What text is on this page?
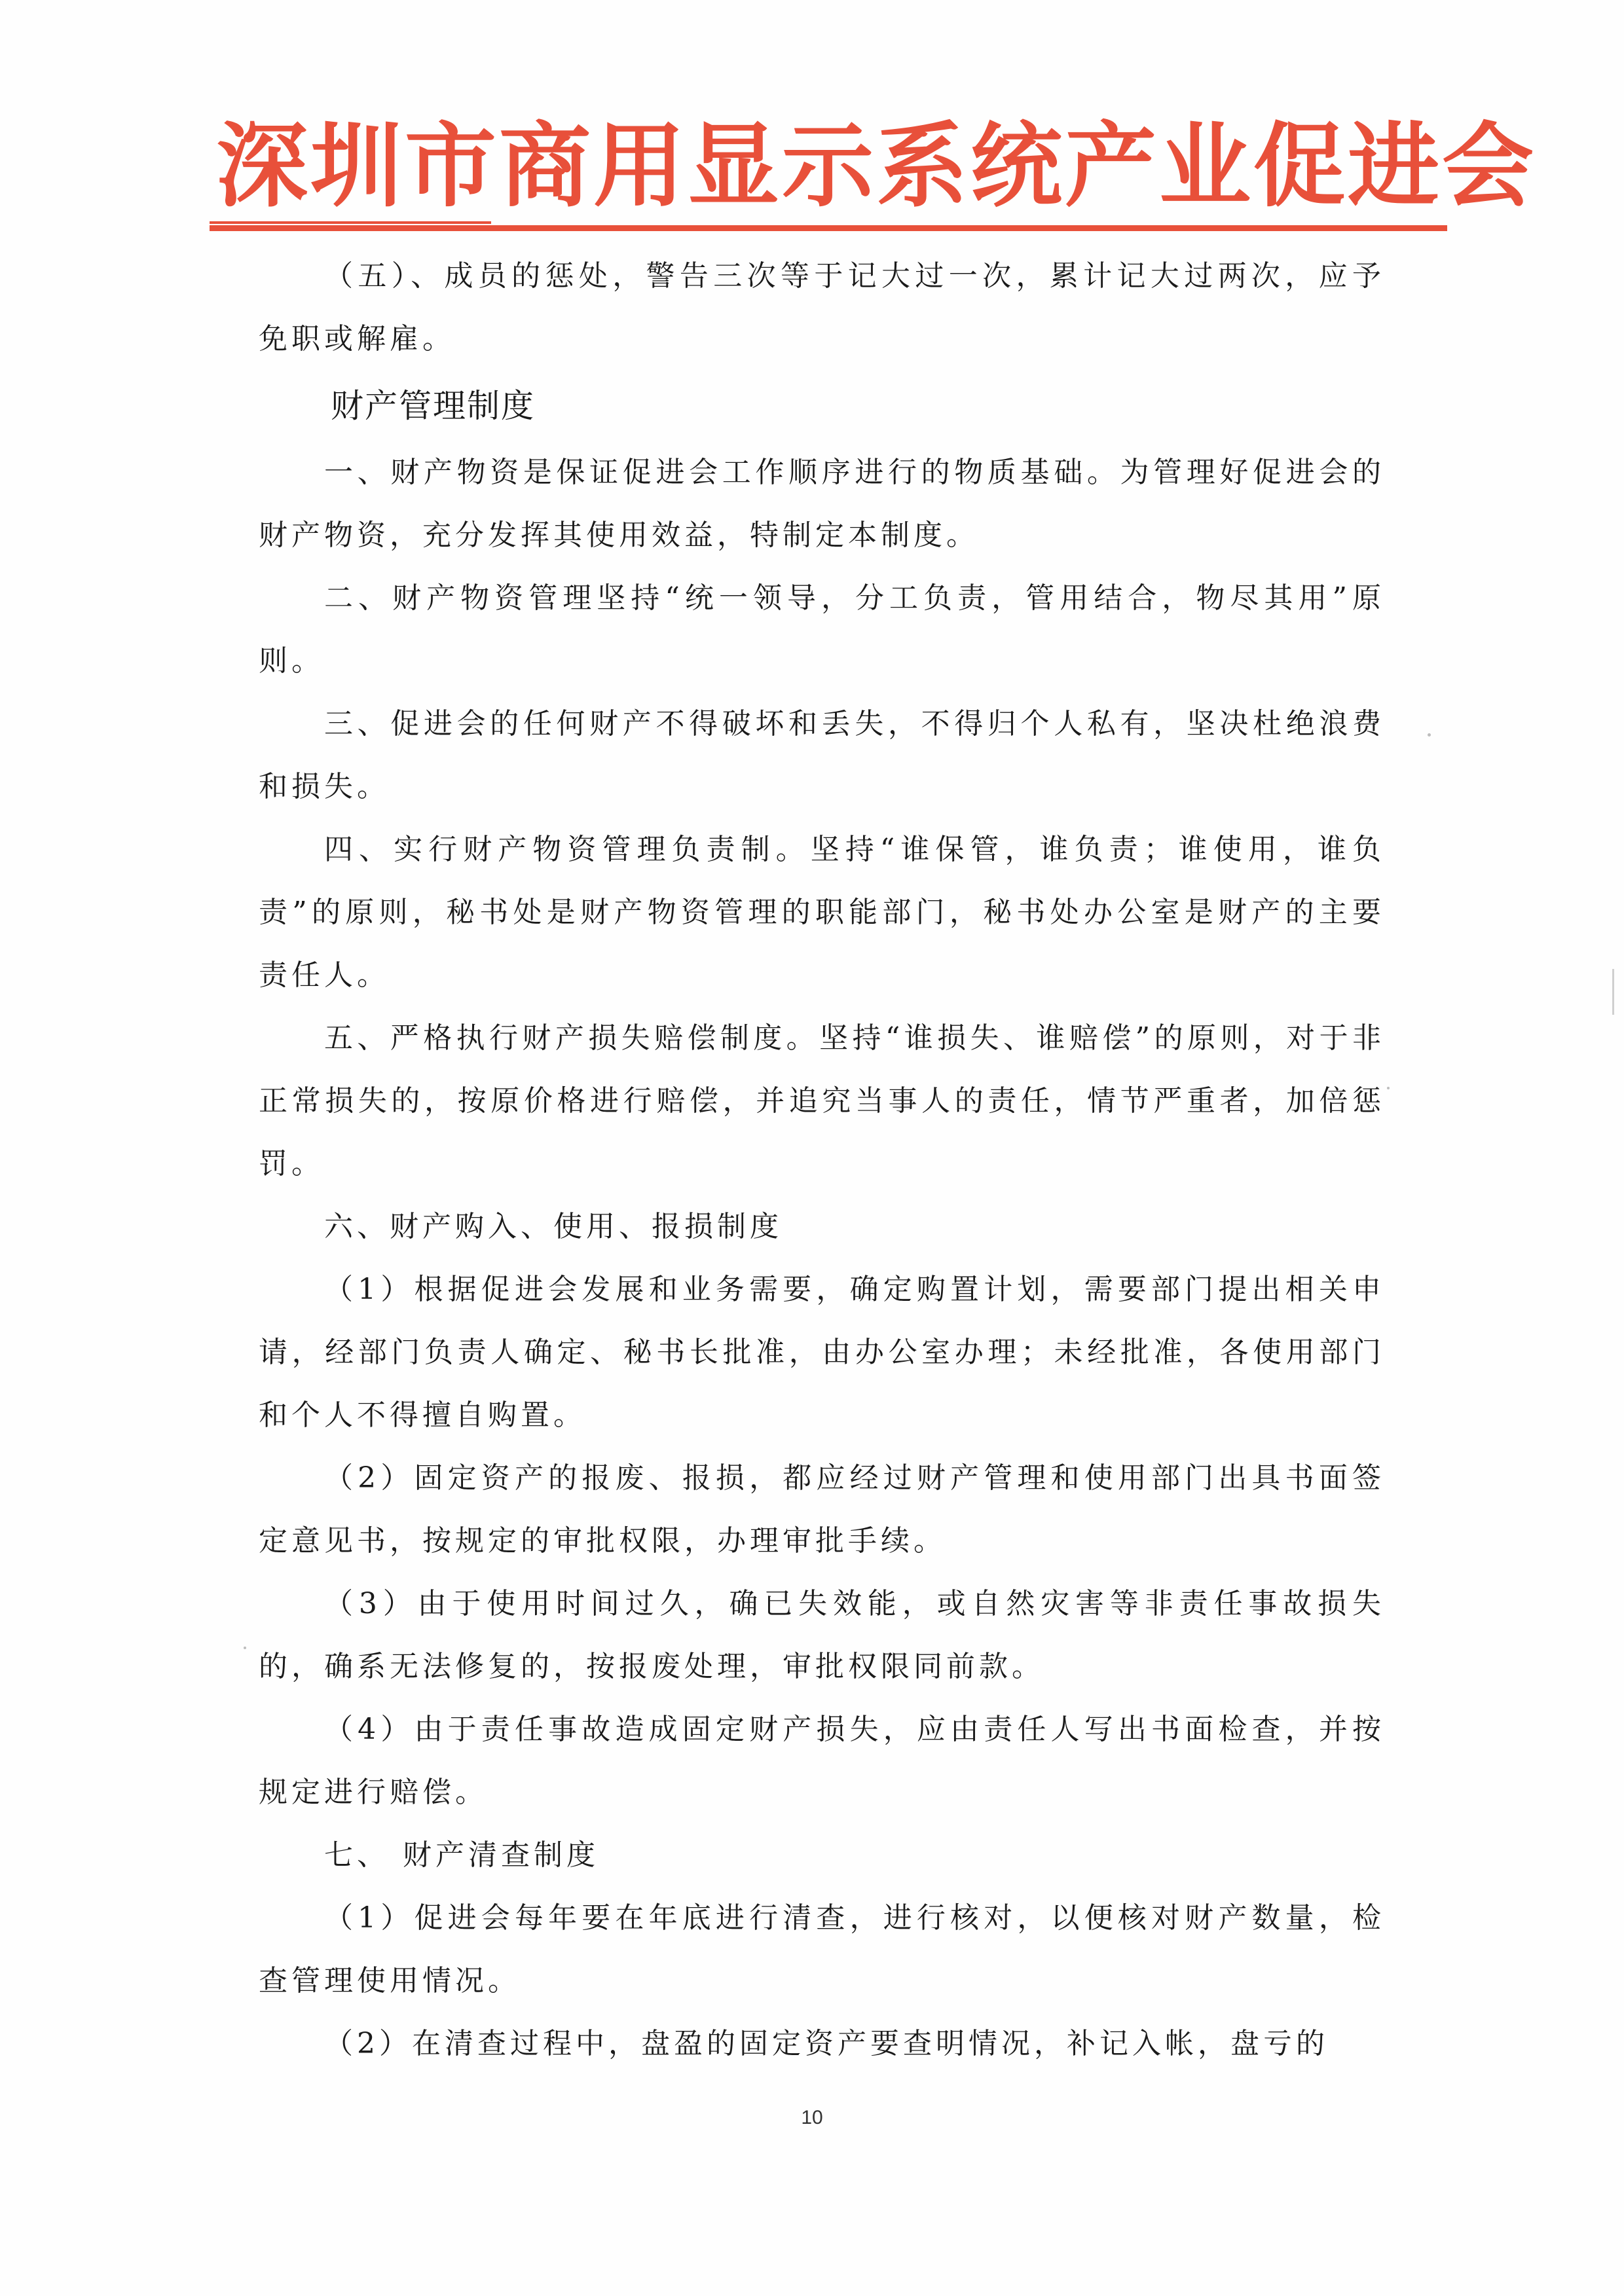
深圳市商用显示系统产业促进会

（五）、成员的惩处，警告三次等于记大过一次，累计记大过两次，应予免职或解雇。

财产管理制度

一、财产物资是保证促进会工作顺序进行的物质基础。为管理好促进会的财产物资，充分发挥其使用效益，特制定本制度。

二、财产物资管理坚持“统一领导，分工负责，管用结合，物尽其用”原则。

三、促进会的任何财产不得破坏和丢失，不得归个人私有，坚决杜绝浪费和损失。

四、实行财产物资管理负责制。坚持“谁保管，谁负责；谁使用，谁负责”的原则，秘书处是财产物资管理的职能部门，秘书处办公室是财产的主要责任人。

五、严格执行财产损失赔偿制度。坚持“谁损失、谁赔偿”的原则，对于非正常损失的，按原价格进行赔偿，并追究当事人的责任，情节严重者，加倍惩罚。

六、财产购入、使用、报损制度

（1）根据促进会发展和业务需要，确定购置计划，需要部门提出相关申请，经部门负责人确定、秘书长批准，由办公室办理；未经批准，各使用部门和个人不得擅自购置。

（2）固定资产的报废、报损，都应经过财产管理和使用部门出具书面签定意见书，按规定的审批权限，办理审批手续。

（3）由于使用时间过久，确已失效能，或自然灾害等非责任事故损失的，确系无法修复的，按报废处理，审批权限同前款。

（4）由于责任事故造成固定财产损失，应由责任人写出书面检查，并按规定进行赔偿。

七、 财产清查制度

（1）促进会每年要在年底进行清查，进行核对，以便核对财产数量，检查管理使用情况。

（2）在清查过程中，盘盈的固定资产要查明情况，补记入帐，盘亏的

10
